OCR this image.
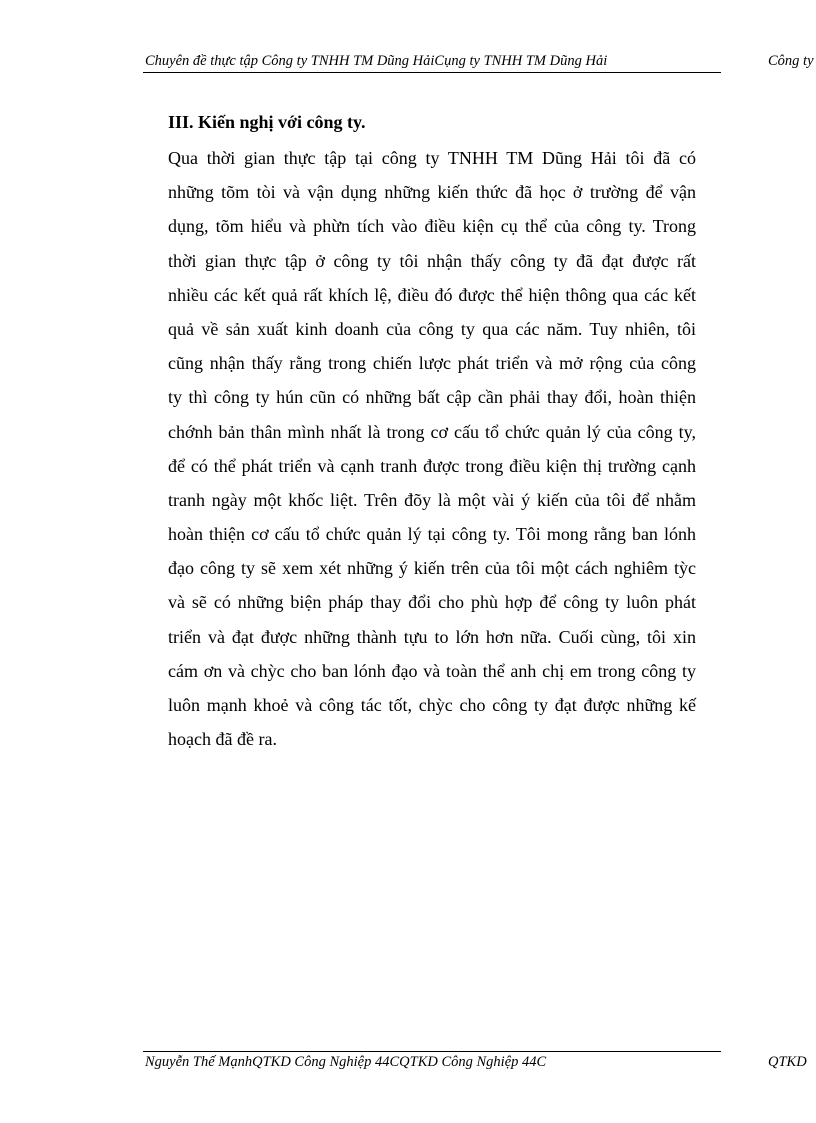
Chuyên đề thực tập Công ty TNHH TM Dũng HảiCụng ty TNHH TM Dũng Hải	Công ty
III. Kiến nghị với công ty.
Qua thời gian thực tập tại công ty TNHH TM Dũng Hải tôi đã có
những tõm tòi và vận dụng những kiến thức đã học ở trường để vận
dụng, tõm hiểu và phừn tích vào điều kiện cụ thể của công ty. Trong
thời gian thực tập ở công ty tôi nhận thấy công ty đã đạt được rất
nhiều các kết quả rất khích lệ, điều đó được thể hiện thông qua các kết
quả về sản xuất kinh doanh của công ty qua các năm. Tuy nhiên, tôi
cũng nhận thấy rằng trong chiến lược phát triển và mở rộng của công
ty thì công ty hún cũn có những bất cập cần phải thay đổi, hoàn thiện
chớnh bản thân mình nhất là trong cơ cấu tổ chức quản lý của công ty,
để có thể phát triển và cạnh tranh được trong điều kiện thị trường cạnh
tranh ngày một khốc liệt. Trên đõy là một vài ý kiến của tôi để nhằm
hoàn thiện cơ cấu tổ chức quản lý tại công ty. Tôi mong rằng ban lónh
đạo công ty sẽ xem xét những ý kiến trên của tôi một cách nghiêm tỳc
và sẽ có những biện pháp thay đổi cho phù hợp để công ty luôn phát
triển và đạt được những thành tựu to lớn hơn nữa. Cuối cùng, tôi xin
cám ơn và chỳc cho ban lónh đạo và toàn thể anh chị em trong công ty
luôn mạnh khoẻ và công tác tốt, chỳc cho công ty đạt được những kế
hoạch đã đề ra.
Nguyễn Thế MạnhQTKD Công Nghiệp 44CQTKD Công Nghiệp 44C	QTKD
